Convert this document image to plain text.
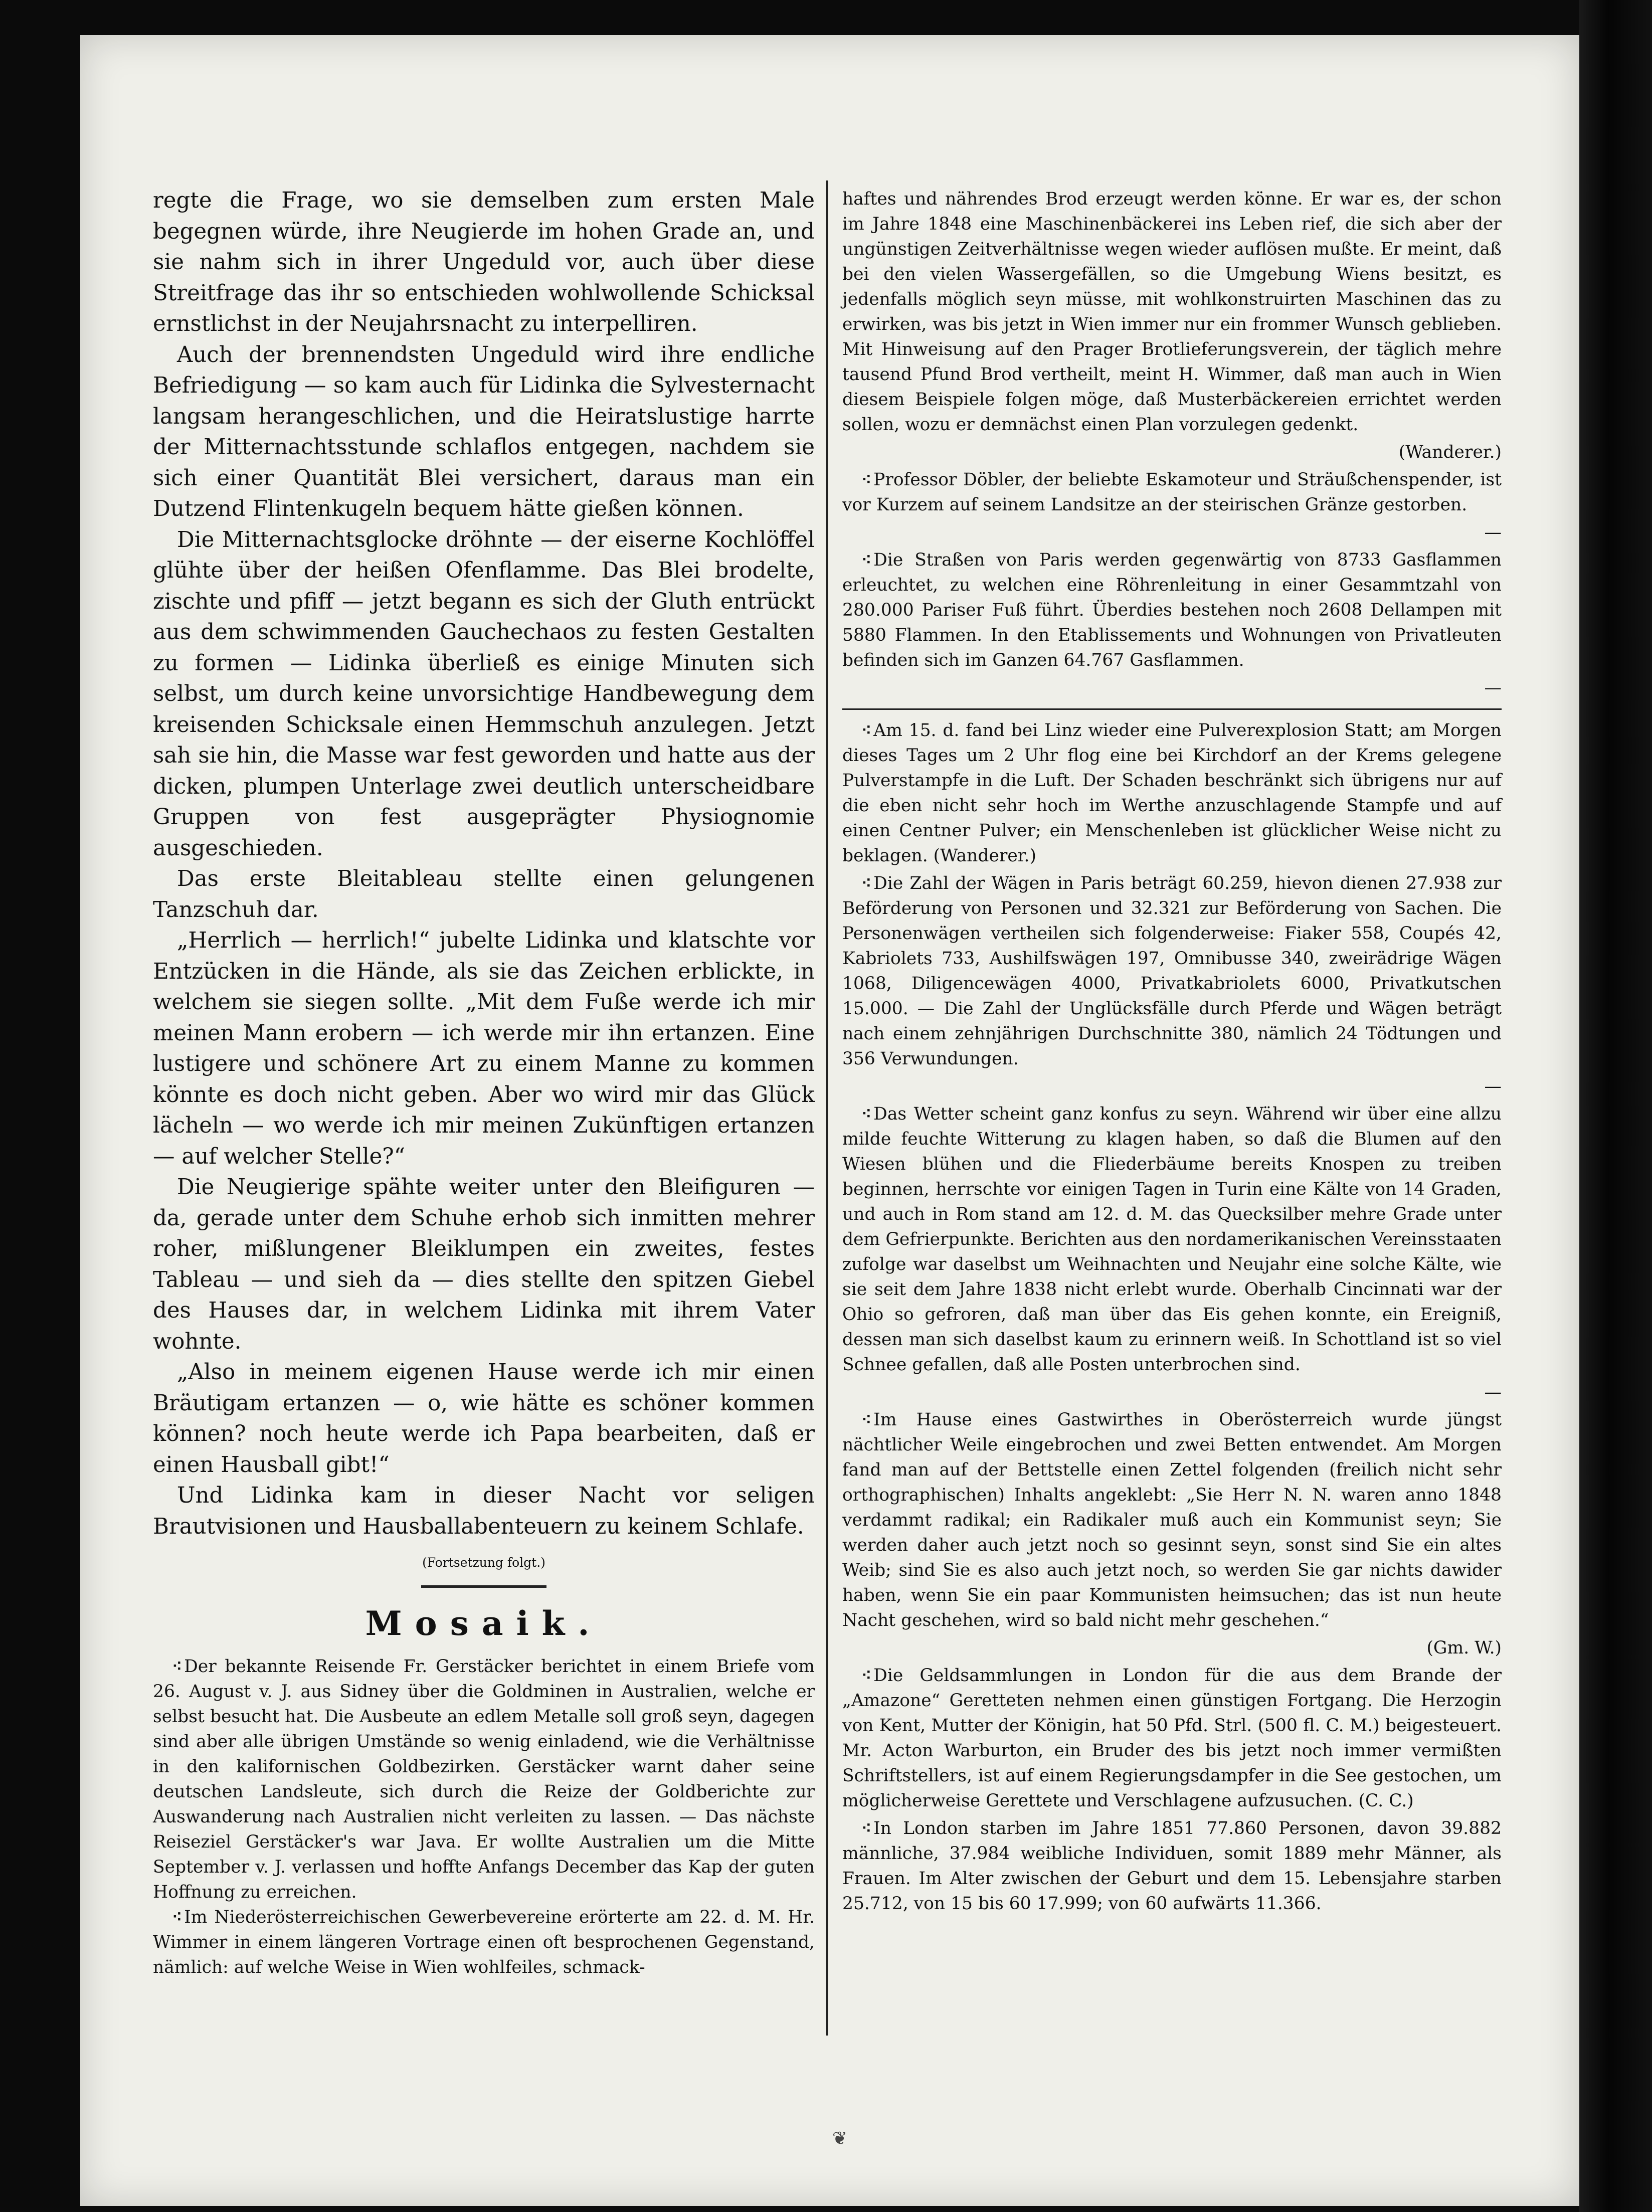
regte die Frage, wo sie demselben zum ersten Male begegnen würde, ihre Neugierde im hohen Grade an, und sie nahm sich in ihrer Ungeduld vor, auch über diese Streitfrage das ihr so entschieden wohlwollende Schicksal ernstlichst in der Neujahrsnacht zu interpelliren.

Auch der brennendsten Ungeduld wird ihre endliche Befriedigung — so kam auch für Lidinka die Sylvesternacht langsam herangeschlichen, und die Heiratslustige harrte der Mitternachtsstunde schlaflos entgegen, nachdem sie sich einer Quantität Blei versichert, daraus man ein Dutzend Flintenkugeln bequem hätte gießen können.

Die Mitternachtsglocke dröhnte — der eiserne Kochlöffel glühte über der heißen Ofenflamme. Das Blei brodelte, zischte und pfiff — jetzt begann es sich der Gluth entrückt aus dem schwimmenden Gauchechaos zu festen Gestalten zu formen — Lidinka überließ es einige Minuten sich selbst, um durch keine unvorsichtige Handbewegung dem kreisenden Schicksale einen Hemmschuh anzulegen. Jetzt sah sie hin, die Masse war fest geworden und hatte aus der dicken, plumpen Unterlage zwei deutlich unterscheidbare Gruppen von fest ausgeprägter Physiognomie ausgeschieden.

Das erste Bleitableau stellte einen gelungenen Tanzschuh dar.

„Herrlich — herrlich!“ jubelte Lidinka und klatschte vor Entzücken in die Hände, als sie das Zeichen erblickte, in welchem sie siegen sollte. „Mit dem Fuße werde ich mir meinen Mann erobern — ich werde mir ihn ertanzen. Eine lustigere und schönere Art zu einem Manne zu kommen könnte es doch nicht geben. Aber wo wird mir das Glück lächeln — wo werde ich mir meinen Zukünftigen ertanzen — auf welcher Stelle?“

Die Neugierige spähte weiter unter den Bleifiguren — da, gerade unter dem Schuhe erhob sich inmitten mehrer roher, mißlungener Bleiklumpen ein zweites, festes Tableau — und sieh da — dies stellte den spitzen Giebel des Hauses dar, in welchem Lidinka mit ihrem Vater wohnte.

„Also in meinem eigenen Hause werde ich mir einen Bräutigam ertanzen — o, wie hätte es schöner kommen können? noch heute werde ich Papa bearbeiten, daß er einen Hausball gibt!“

Und Lidinka kam in dieser Nacht vor seligen Brautvisionen und Hausballabenteuern zu keinem Schlafe.

(Fortsetzung folgt.)

Mosaik.

⁖ Der bekannte Reisende Fr. Gerstäcker berichtet in einem Briefe vom 26. August v. J. aus Sidney über die Goldminen in Australien, welche er selbst besucht hat. Die Ausbeute an edlem Metalle soll groß seyn, dagegen sind aber alle übrigen Umstände so wenig einladend, wie die Verhältnisse in den kalifornischen Goldbezirken. Gerstäcker warnt daher seine deutschen Landsleute, sich durch die Reize der Goldberichte zur Auswanderung nach Australien nicht verleiten zu lassen. — Das nächste Reiseziel Gerstäcker's war Java. Er wollte Australien um die Mitte September v. J. verlassen und hoffte Anfangs December das Kap der guten Hoffnung zu erreichen.

⁖ Im Niederösterreichischen Gewerbevereine erörterte am 22. d. M. Hr. Wimmer in einem längeren Vortrage einen oft besprochenen Gegenstand, nämlich: auf welche Weise in Wien wohlfeiles, schmack-

haftes und nährendes Brod erzeugt werden könne. Er war es, der schon im Jahre 1848 eine Maschinenbäckerei ins Leben rief, die sich aber der ungünstigen Zeitverhältnisse wegen wieder auflösen mußte. Er meint, daß bei den vielen Wassergefällen, so die Umgebung Wiens besitzt, es jedenfalls möglich seyn müsse, mit wohlkonstruirten Maschinen das zu erwirken, was bis jetzt in Wien immer nur ein frommer Wunsch geblieben. Mit Hinweisung auf den Prager Brotlieferungsverein, der täglich mehre tausend Pfund Brod vertheilt, meint H. Wimmer, daß man auch in Wien diesem Beispiele folgen möge, daß Musterbäckereien errichtet werden sollen, wozu er demnächst einen Plan vorzulegen gedenkt.

(Wanderer.)

⁖ Professor Döbler, der beliebte Eskamoteur und Sträußchenspender, ist vor Kurzem auf seinem Landsitze an der steirischen Gränze gestorben.

—

⁖ Die Straßen von Paris werden gegenwärtig von 8733 Gasflammen erleuchtet, zu welchen eine Röhrenleitung in einer Gesammtzahl von 280.000 Pariser Fuß führt. Überdies bestehen noch 2608 Dellampen mit 5880 Flammen. In den Etablissements und Wohnungen von Privatleuten befinden sich im Ganzen 64.767 Gasflammen.

—

⁖ Am 15. d. fand bei Linz wieder eine Pulverexplosion Statt; am Morgen dieses Tages um 2 Uhr flog eine bei Kirchdorf an der Krems gelegene Pulverstampfe in die Luft. Der Schaden beschränkt sich übrigens nur auf die eben nicht sehr hoch im Werthe anzuschlagende Stampfe und auf einen Centner Pulver; ein Menschenleben ist glücklicher Weise nicht zu beklagen. (Wanderer.)

⁖ Die Zahl der Wägen in Paris beträgt 60.259, hievon dienen 27.938 zur Beförderung von Personen und 32.321 zur Beförderung von Sachen. Die Personenwägen vertheilen sich folgenderweise: Fiaker 558, Coupés 42, Kabriolets 733, Aushilfswägen 197, Omnibusse 340, zweirädrige Wägen 1068, Diligencewägen 4000, Privatkabriolets 6000, Privatkutschen 15.000. — Die Zahl der Unglücksfälle durch Pferde und Wägen beträgt nach einem zehnjährigen Durchschnitte 380, nämlich 24 Tödtungen und 356 Verwundungen.

—

⁖ Das Wetter scheint ganz konfus zu seyn. Während wir über eine allzu milde feuchte Witterung zu klagen haben, so daß die Blumen auf den Wiesen blühen und die Fliederbäume bereits Knospen zu treiben beginnen, herrschte vor einigen Tagen in Turin eine Kälte von 14 Graden, und auch in Rom stand am 12. d. M. das Quecksilber mehre Grade unter dem Gefrierpunkte. Berichten aus den nordamerikanischen Vereinsstaaten zufolge war daselbst um Weihnachten und Neujahr eine solche Kälte, wie sie seit dem Jahre 1838 nicht erlebt wurde. Oberhalb Cincinnati war der Ohio so gefroren, daß man über das Eis gehen konnte, ein Ereigniß, dessen man sich daselbst kaum zu erinnern weiß. In Schottland ist so viel Schnee gefallen, daß alle Posten unterbrochen sind.

—

⁖ Im Hause eines Gastwirthes in Oberösterreich wurde jüngst nächtlicher Weile eingebrochen und zwei Betten entwendet. Am Morgen fand man auf der Bettstelle einen Zettel folgenden (freilich nicht sehr orthographischen) Inhalts angeklebt: „Sie Herr N. N. waren anno 1848 verdammt radikal; ein Radikaler muß auch ein Kommunist seyn; Sie werden daher auch jetzt noch so gesinnt seyn, sonst sind Sie ein altes Weib; sind Sie es also auch jetzt noch, so werden Sie gar nichts dawider haben, wenn Sie ein paar Kommunisten heimsuchen; das ist nun heute Nacht geschehen, wird so bald nicht mehr geschehen.“

(Gm. W.)

⁖ Die Geldsammlungen in London für die aus dem Brande der „Amazone“ Geretteten nehmen einen günstigen Fortgang. Die Herzogin von Kent, Mutter der Königin, hat 50 Pfd. Strl. (500 fl. C. M.) beigesteuert. Mr. Acton Warburton, ein Bruder des bis jetzt noch immer vermißten Schriftstellers, ist auf einem Regierungsdampfer in die See gestochen, um möglicherweise Gerettete und Verschlagene aufzusuchen. (C. C.)

⁖ In London starben im Jahre 1851 77.860 Personen, davon 39.882 männliche, 37.984 weibliche Individuen, somit 1889 mehr Männer, als Frauen. Im Alter zwischen der Geburt und dem 15. Lebensjahre starben 25.712, von 15 bis 60 17.999; von 60 aufwärts 11.366.

❦
